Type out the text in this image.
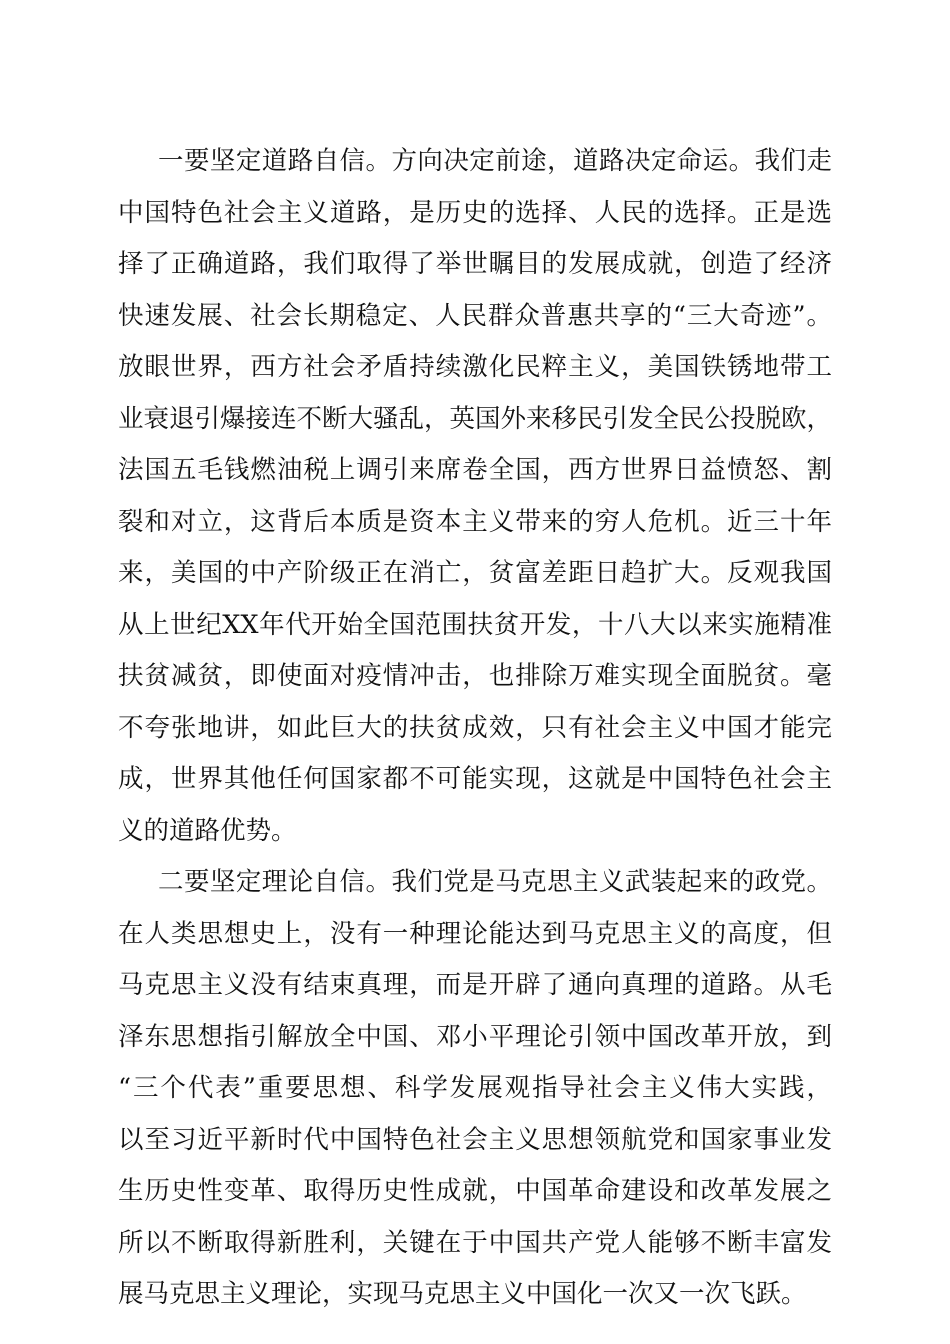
一要坚定道路自信。方向决定前途，道路决定命运。我们走
中国特色社会主义道路，是历史的选择、人民的选择。正是选
择了正确道路，我们取得了举世瞩目的发展成就，创造了经济
快速发展、社会长期稳定、人民群众普惠共享的“三大奇迹”。
放眼世界，西方社会矛盾持续激化民粹主义，美国铁锈地带工
业衰退引爆接连不断大骚乱，英国外来移民引发全民公投脱欧，
法国五毛钱燃油税上调引来席卷全国，西方世界日益愤怒、割
裂和对立，这背后本质是资本主义带来的穷人危机。近三十年
来，美国的中产阶级正在消亡，贫富差距日趋扩大。反观我国
从上世纪XX年代开始全国范围扶贫开发，十八大以来实施精准
扶贫减贫，即使面对疫情冲击，也排除万难实现全面脱贫。毫
不夸张地讲，如此巨大的扶贫成效，只有社会主义中国才能完
成，世界其他任何国家都不可能实现，这就是中国特色社会主
义的道路优势。
二要坚定理论自信。我们党是马克思主义武装起来的政党。
在人类思想史上，没有一种理论能达到马克思主义的高度，但
马克思主义没有结束真理，而是开辟了通向真理的道路。从毛
泽东思想指引解放全中国、邓小平理论引领中国改革开放，到
“三个代表”重要思想、科学发展观指导社会主义伟大实践，
以至习近平新时代中国特色社会主义思想领航党和国家事业发
生历史性变革、取得历史性成就，中国革命建设和改革发展之
所以不断取得新胜利，关键在于中国共产党人能够不断丰富发
展马克思主义理论，实现马克思主义中国化一次又一次飞跃。
